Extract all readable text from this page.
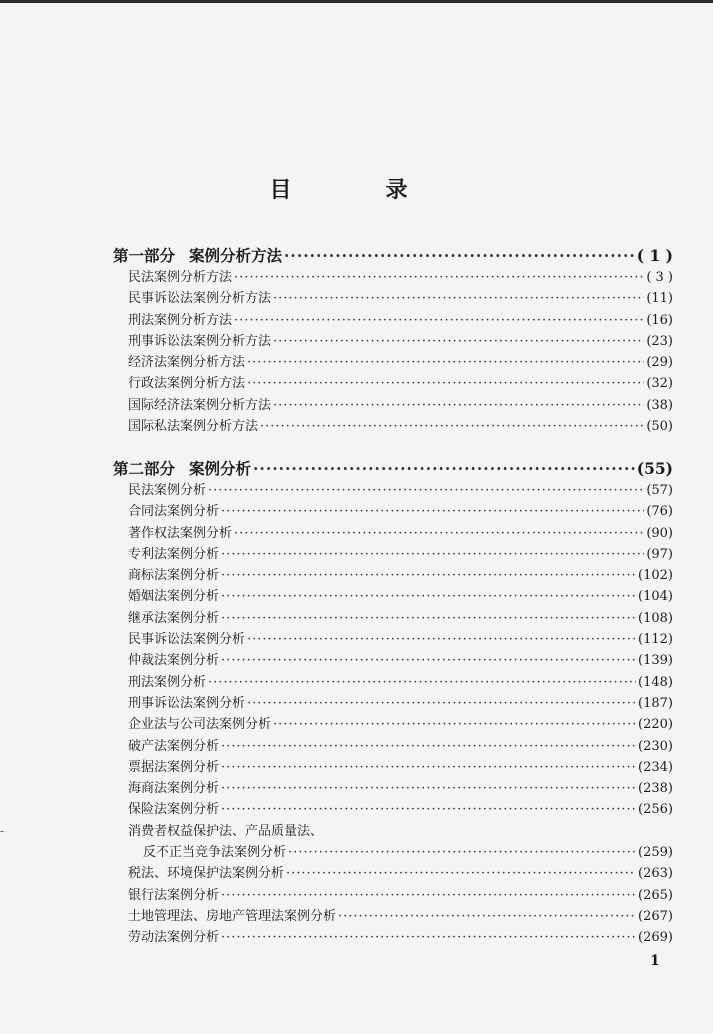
目　录
第一部分 案例分析方法 ·····	( 1 )
民法案例分析方法 ·····	( 3 )
民事诉讼法案例分析方法 ·····	(11)
刑法案例分析方法 ·····	(16)
刑事诉讼法案例分析方法 ·····	(23)
经济法案例分析方法 ·····	(29)
行政法案例分析方法 ·····	(32)
国际经济法案例分析方法 ·····	(38)
国际私法案例分析方法 ·····	(50)
第二部分 案例分析 ·····	(55)
民法案例分析 ·····	(57)
合同法案例分析 ·····	(76)
著作权法案例分析 ·····	(90)
专利法案例分析 ·····	(97)
商标法案例分析 ·····	(102)
婚姻法案例分析 ·····	(104)
继承法案例分析 ·····	(108)
民事诉讼法案例分析 ·····	(112)
仲裁法案例分析 ·····	(139)
刑法案例分析 ·····	(148)
刑事诉讼法案例分析 ·····	(187)
企业法与公司法案例分析 ·····	(220)
破产法案例分析 ·····	(230)
票据法案例分析 ·····	(234)
海商法案例分析 ·····	(238)
保险法案例分析 ·····	(256)
消费者权益保护法、产品质量法、
反不正当竞争法案例分析 ·····	(259)
税法、环境保护法案例分析 ·····	(263)
银行法案例分析 ·····	(265)
土地管理法、房地产管理法案例分析 ·····	(267)
劳动法案例分析 ·····	(269)
1
-
